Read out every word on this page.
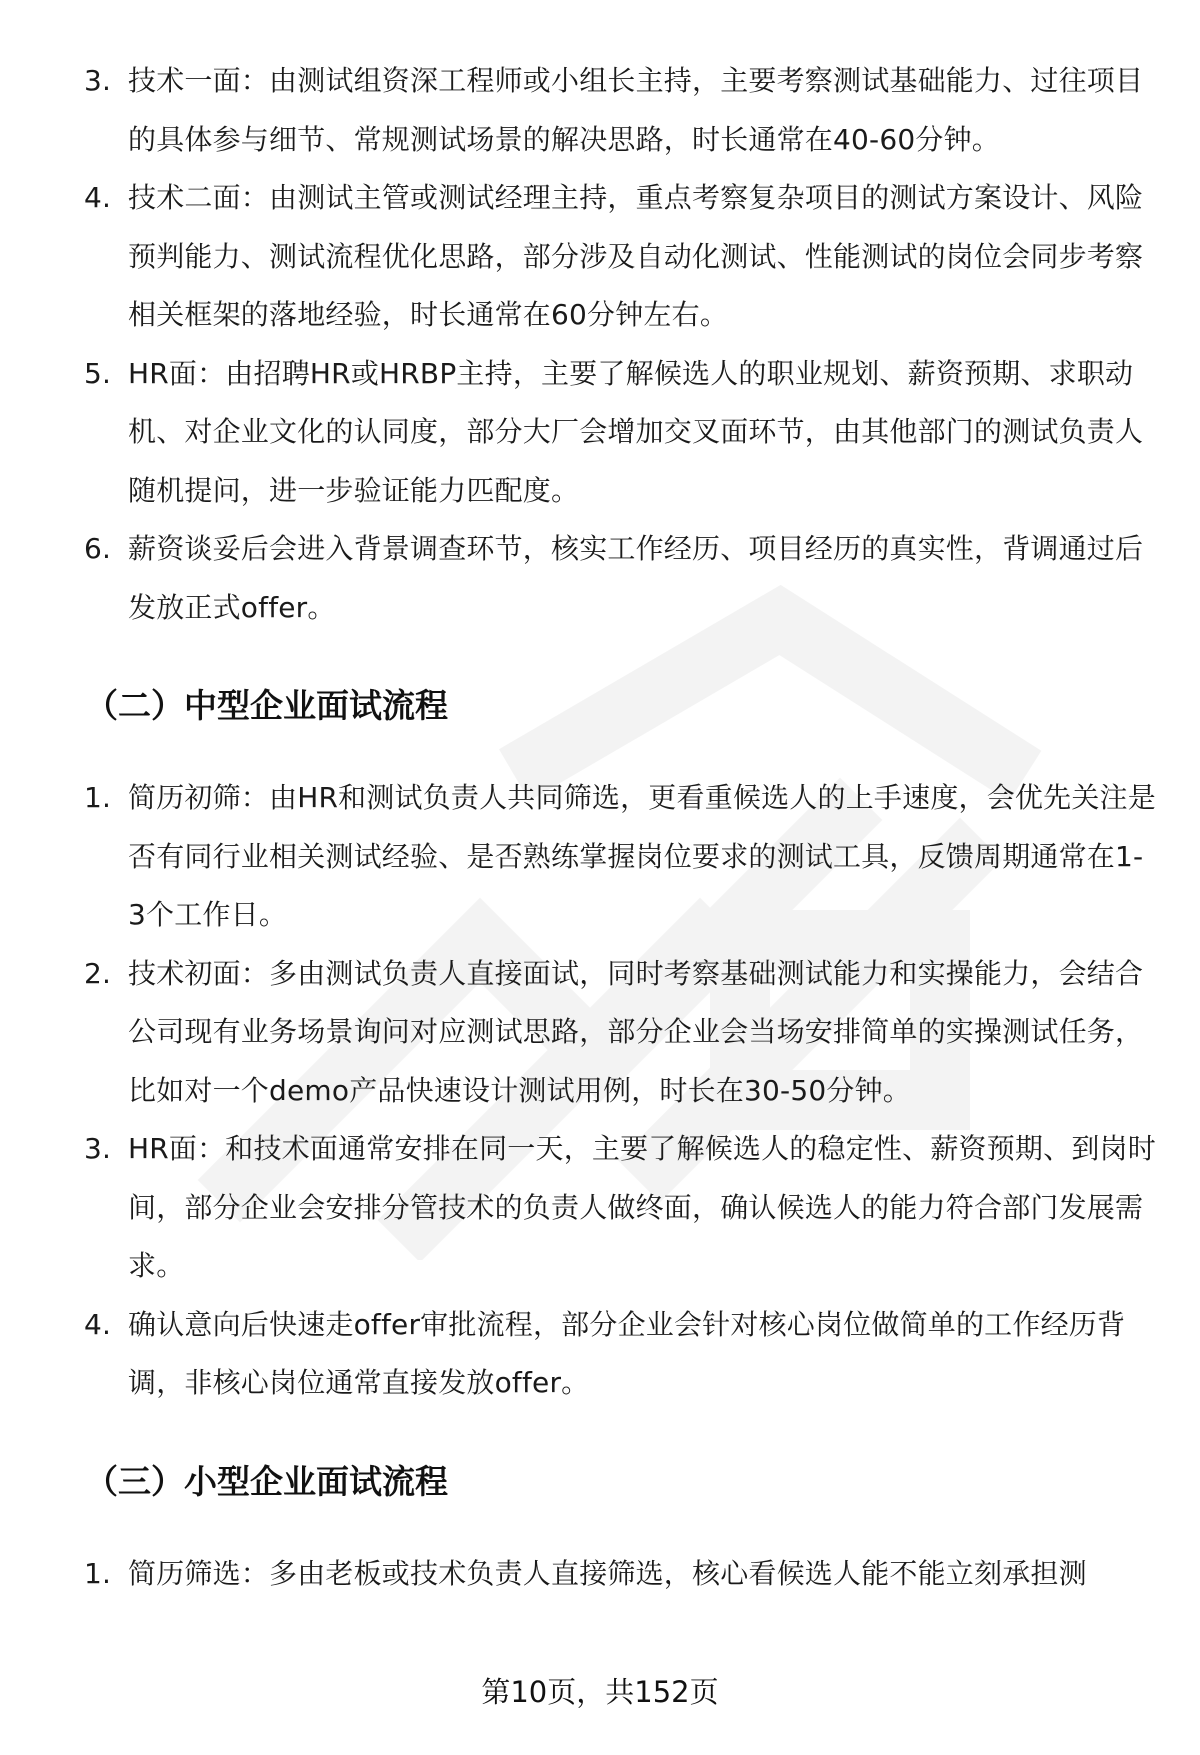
3. 技术一面：由测试组资深工程师或小组长主持，主要考察测试基础能力、过往项目的具体参与细节、常规测试场景的解决思路，时长通常在40-60分钟。
4. 技术二面：由测试主管或测试经理主持，重点考察复杂项目的测试方案设计、风险预判能力、测试流程优化思路，部分涉及自动化测试、性能测试的岗位会同步考察相关框架的落地经验，时长通常在60分钟左右。
5. HR面：由招聘HR或HRBP主持，主要了解候选人的职业规划、薪资预期、求职动机、对企业文化的认同度，部分大厂会增加交叉面环节，由其他部门的测试负责人随机提问，进一步验证能力匹配度。
6. 薪资谈妥后会进入背景调查环节，核实工作经历、项目经历的真实性，背调通过后发放正式offer。
（二）中型企业面试流程
1. 简历初筛：由HR和测试负责人共同筛选，更看重候选人的上手速度，会优先关注是否有同行业相关测试经验、是否熟练掌握岗位要求的测试工具，反馈周期通常在1-3个工作日。
2. 技术初面：多由测试负责人直接面试，同时考察基础测试能力和实操能力，会结合公司现有业务场景询问对应测试思路，部分企业会当场安排简单的实操测试任务，比如对一个demo产品快速设计测试用例，时长在30-50分钟。
3. HR面：和技术面通常安排在同一天，主要了解候选人的稳定性、薪资预期、到岗时间，部分企业会安排分管技术的负责人做终面，确认候选人的能力符合部门发展需求。
4. 确认意向后快速走offer审批流程，部分企业会针对核心岗位做简单的工作经历背调，非核心岗位通常直接发放offer。
（三）小型企业面试流程
1. 简历筛选：多由老板或技术负责人直接筛选，核心看候选人能不能立刻承担测
第10页，共152页
